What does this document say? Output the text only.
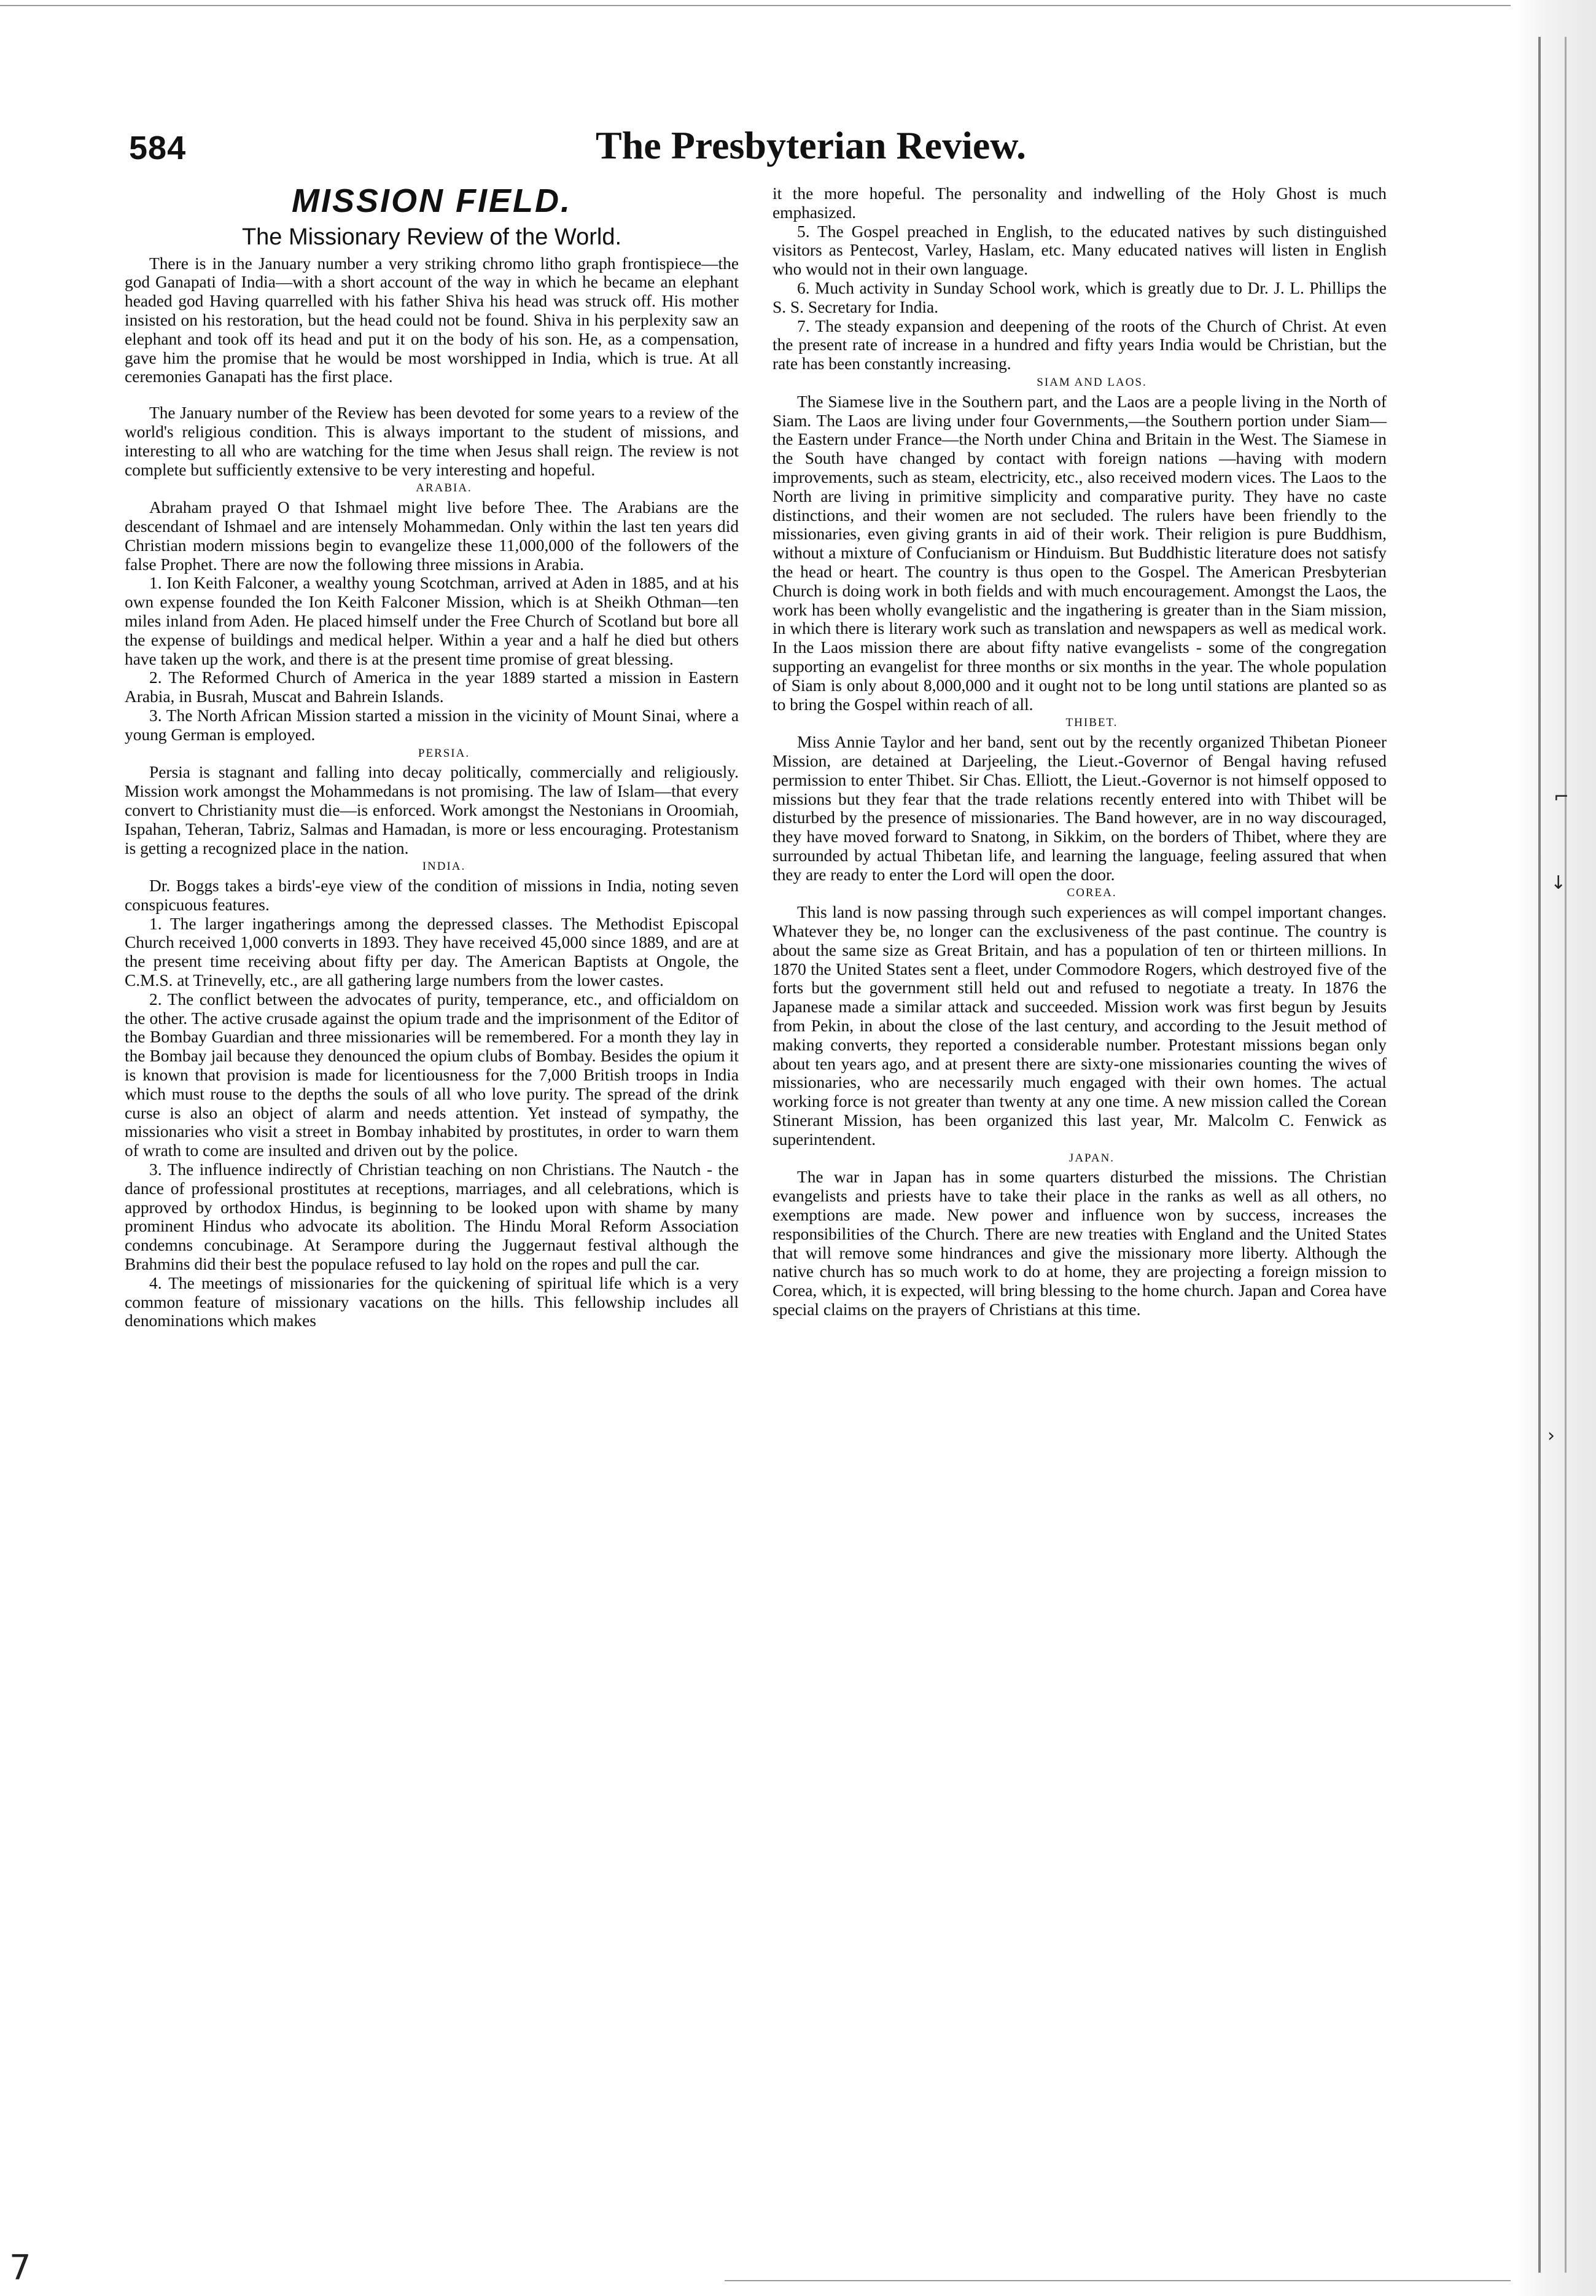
584	The Presbyterian Review.
MISSION FIELD.
The Missionary Review of the World.

There is in the January number a very striking chromo litho graph frontispiece—the god Ganapati of India—with a short account of the way in which he became an elephant headed god Having quarrelled with his father Shiva his head was struck off. His mother insisted on his restoration, but the head could not be found. Shiva in his perplexity saw an elephant and took off its head and put it on the body of his son. He, as a compensation, gave him the promise that he would be most worshipped in India, which is true. At all ceremonies Ganapati has the first place.

The January number of the Review has been devoted for some years to a review of the world's religious condition. This is always important to the student of missions, and interesting to all who are watching for the time when Jesus shall reign. The review is not complete but sufficiently extensive to be very interesting and hopeful.

ARABIA.

Abraham prayed O that Ishmael might live before Thee. The Arabians are the descendant of Ishmael and are intensely Mohammedan. Only within the last ten years did Christian modern missions begin to evangelize these 11,000,000 of the followers of the false Prophet. There are now the following three missions in Arabia.

1. Ion Keith Falconer, a wealthy young Scotchman, arrived at Aden in 1885, and at his own expense founded the Ion Keith Falconer Mission, which is at Sheikh Othman—ten miles inland from Aden. He placed himself under the Free Church of Scotland but bore all the expense of buildings and medical helper. Within a year and a half he died but others have taken up the work, and there is at the present time promise of great blessing.

2. The Reformed Church of America in the year 1889 started a mission in Eastern Arabia, in Busrah, Muscat and Bahrein Islands.

3. The North African Mission started a mission in the vicinity of Mount Sinai, where a young German is employed.

PERSIA.

Persia is stagnant and falling into decay politically, commercially and religiously. Mission work amongst the Mohammedans is not promising. The law of Islam—that every convert to Christianity must die—is enforced. Work amongst the Nestonians in Oroomiah, Ispahan, Teheran, Tabriz, Salmas and Hamadan, is more or less encouraging. Protestanism is getting a recognized place in the nation.

INDIA.

Dr. Boggs takes a birds'-eye view of the condition of missions in India, noting seven conspicuous features.

1. The larger ingatherings among the depressed classes. The Methodist Episcopal Church received 1,000 converts in 1893. They have received 45,000 since 1889, and are at the present time receiving about fifty per day. The American Baptists at Ongole, the C.M.S. at Trinevelly, etc., are all gathering large numbers from the lower castes.

2. The conflict between the advocates of purity, temperance, etc., and officialdom on the other. The active crusade against the opium trade and the imprisonment of the Editor of the Bombay Guardian and three missionaries will be remembered. For a month they lay in the Bombay jail because they denounced the opium clubs of Bombay. Besides the opium it is known that provision is made for licentiousness for the 7,000 British troops in India which must rouse to the depths the souls of all who love purity. The spread of the drink curse is also an object of alarm and needs attention. Yet instead of sympathy, the missionaries who visit a street in Bombay inhabited by prostitutes, in order to warn them of wrath to come are insulted and driven out by the police.

3. The influence indirectly of Christian teaching on non Christians. The Nautch - the dance of professional prostitutes at receptions, marriages, and all celebrations, which is approved by orthodox Hindus, is beginning to be looked upon with shame by many prominent Hindus who advocate its abolition. The Hindu Moral Reform Association condemns concubinage. At Serampore during the Juggernaut festival although the Brahmins did their best the populace refused to lay hold on the ropes and pull the car.

4. The meetings of missionaries for the quickening of spiritual life which is a very common feature of missionary vacations on the hills. This fellowship includes all denominations which makes

it the more hopeful. The personality and indwelling of the Holy Ghost is much emphasized.

5. The Gospel preached in English, to the educated natives by such distinguished visitors as Pentecost, Varley, Haslam, etc. Many educated natives will listen in English who would not in their own language.

6. Much activity in Sunday School work, which is greatly due to Dr. J. L. Phillips the S. S. Secretary for India.

7. The steady expansion and deepening of the roots of the Church of Christ. At even the present rate of increase in a hundred and fifty years India would be Christian, but the rate has been constantly increasing.

SIAM AND LAOS.

The Siamese live in the Southern part, and the Laos are a people living in the North of Siam. The Laos are living under four Governments,—the Southern portion under Siam—the Eastern under France—the North under China and Britain in the West. The Siamese in the South have changed by contact with foreign nations —having with modern improvements, such as steam, electricity, etc., also received modern vices. The Laos to the North are living in primitive simplicity and comparative purity. They have no caste distinctions, and their women are not secluded. The rulers have been friendly to the missionaries, even giving grants in aid of their work. Their religion is pure Buddhism, without a mixture of Confucianism or Hinduism. But Buddhistic literature does not satisfy the head or heart. The country is thus open to the Gospel. The American Presbyterian Church is doing work in both fields and with much encouragement. Amongst the Laos, the work has been wholly evangelistic and the ingathering is greater than in the Siam mission, in which there is literary work such as translation and newspapers as well as medical work. In the Laos mission there are about fifty native evangelists - some of the congregation supporting an evangelist for three months or six months in the year. The whole population of Siam is only about 8,000,000 and it ought not to be long until stations are planted so as to bring the Gospel within reach of all.

THIBET.

Miss Annie Taylor and her band, sent out by the recently organized Thibetan Pioneer Mission, are detained at Darjeeling, the Lieut.-Governor of Bengal having refused permission to enter Thibet. Sir Chas. Elliott, the Lieut.-Governor is not himself opposed to missions but they fear that the trade relations recently entered into with Thibet will be disturbed by the presence of missionaries. The Band however, are in no way discouraged, they have moved forward to Snatong, in Sikkim, on the borders of Thibet, where they are surrounded by actual Thibetan life, and learning the language, feeling assured that when they are ready to enter the Lord will open the door.

COREA.

This land is now passing through such experiences as will compel important changes. Whatever they be, no longer can the exclusiveness of the past continue. The country is about the same size as Great Britain, and has a population of ten or thirteen millions. In 1870 the United States sent a fleet, under Commodore Rogers, which destroyed five of the forts but the government still held out and refused to negotiate a treaty. In 1876 the Japanese made a similar attack and succeeded. Mission work was first begun by Jesuits from Pekin, in about the close of the last century, and according to the Jesuit method of making converts, they reported a considerable number. Protestant missions began only about ten years ago, and at present there are sixty-one missionaries counting the wives of missionaries, who are necessarily much engaged with their own homes. The actual working force is not greater than twenty at any one time. A new mission called the Corean Stinerant Mission, has been organized this last year, Mr. Malcolm C. Fenwick as superintendent.

JAPAN.

The war in Japan has in some quarters disturbed the missions. The Christian evangelists and priests have to take their place in the ranks as well as all others, no exemptions are made. New power and influence won by success, increases the responsibilities of the Church. There are new treaties with England and the United States that will remove some hindrances and give the missionary more liberty. Although the native church has so much work to do at home, they are projecting a foreign mission to Corea, which, it is expected, will bring blessing to the home church. Japan and Corea have special claims on the prayers of Christians at this time.

⌐
↓
›
7
